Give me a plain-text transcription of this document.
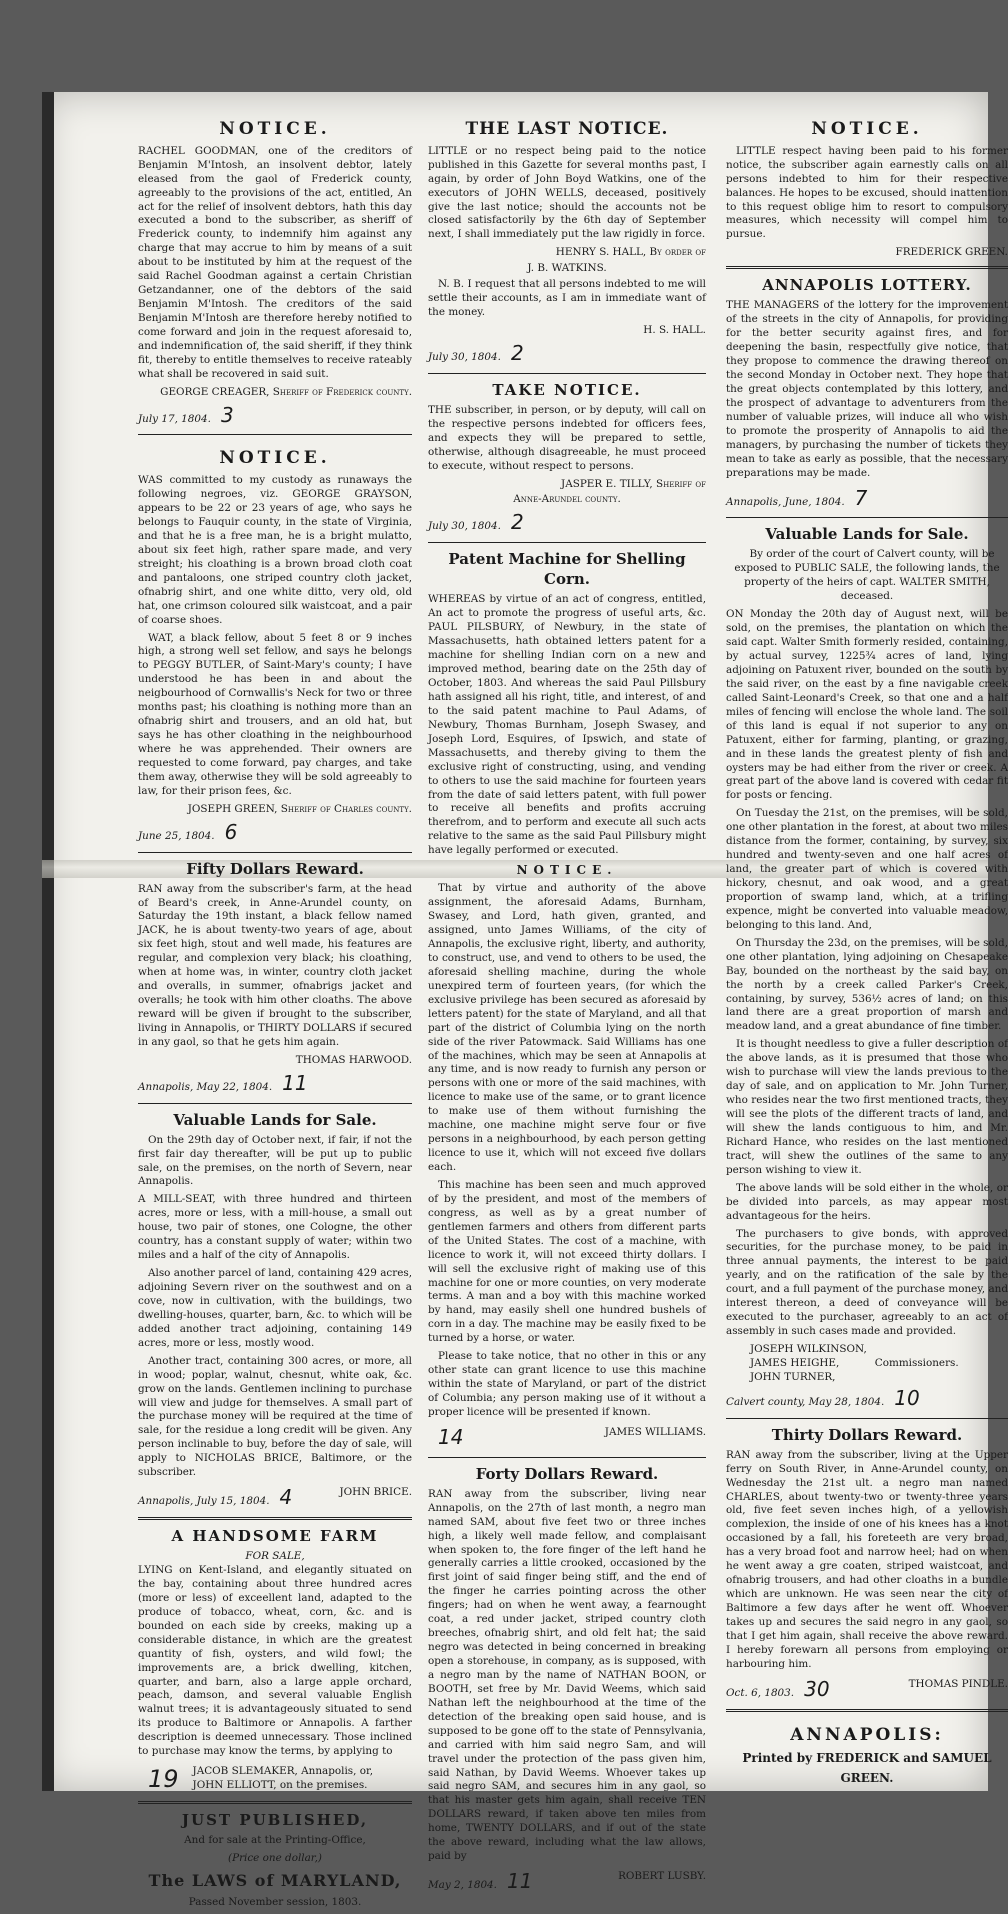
NOTICE.

RACHEL GOODMAN, one of the creditors of Benjamin M'Intosh, an insolvent debtor, lately eleased from the gaol of Frederick county, agreeably to the provisions of the act, entitled, An act for the relief of insolvent debtors, hath this day executed a bond to the subscriber, as sheriff of Frederick county, to indemnify him against any charge that may accrue to him by means of a suit about to be instituted by him at the request of the said Rachel Goodman against a certain Christian Getzandanner, one of the debtors of the said Benjamin M'Intosh. The creditors of the said Benjamin M'Intosh are therefore hereby notified to come forward and join in the request aforesaid to, and indemnification of, the said sheriff, if they think fit, thereby to entitle themselves to receive rateably what shall be recovered in said suit.

GEORGE CREAGER, Sheriff of Frederick county.
July 17, 1804. 3
NOTICE.

WAS committed to my custody as runaways the following negroes, viz. GEORGE GRAYSON, appears to be 22 or 23 years of age, who says he belongs to Fauquir county, in the state of Virginia, and that he is a free man, he is a bright mulatto, about six feet high, rather spare made, and very streight; his cloathing is a brown broad cloth coat and pantaloons, one striped country cloth jacket, ofnabrig shirt, and one white ditto, very old, old hat, one crimson coloured silk waistcoat, and a pair of coarse shoes.

WAT, a black fellow, about 5 feet 8 or 9 inches high, a strong well set fellow, and says he belongs to PEGGY BUTLER, of Saint-Mary's county; I have understood he has been in and about the neigbourhood of Cornwallis's Neck for two or three months past; his cloathing is nothing more than an ofnabrig shirt and trousers, and an old hat, but says he has other cloathing in the neighbourhood where he was apprehended. Their owners are requested to come forward, pay charges, and take them away, otherwise they will be sold agreeably to law, for their prison fees, &c.

JOSEPH GREEN, Sheriff of Charles county.
June 25, 1804. 6
Fifty Dollars Reward.

RAN away from the subscriber's farm, at the head of Beard's creek, in Anne-Arundel county, on Saturday the 19th instant, a black fellow named JACK, he is about twenty-two years of age, about six feet high, stout and well made, his features are regular, and complexion very black; his cloathing, when at home was, in winter, country cloth jacket and overalls, in summer, ofnabrigs jacket and overalls; he took with him other cloaths. The above reward will be given if brought to the subscriber, living in Annapolis, or THIRTY DOLLARS if secured in any gaol, so that he gets him again.

THOMAS HARWOOD.
Annapolis, May 22, 1804. 11
Valuable Lands for Sale.

On the 29th day of October next, if fair, if not the first fair day thereafter, will be put up to public sale, on the premises, on the north of Severn, near Annapolis.

A MILL-SEAT, with three hundred and thirteen acres, more or less, with a mill-house, a small out house, two pair of stones, one Cologne, the other country, has a constant supply of water; within two miles and a half of the city of Annapolis.

Also another parcel of land, containing 429 acres, adjoining Severn river on the southwest and on a cove, now in cultivation, with the buildings, two dwelling-houses, quarter, barn, &c. to which will be added another tract adjoining, containing 149 acres, more or less, mostly wood.

Another tract, containing 300 acres, or more, all in wood; poplar, walnut, chesnut, white oak, &c. grow on the lands. Gentlemen inclining to purchase will view and judge for themselves. A small part of the purchase money will be required at the time of sale, for the residue a long credit will be given. Any person inclinable to buy, before the day of sale, will apply to NICHOLAS BRICE, Baltimore, or the subscriber.

Annapolis, July 15, 1804. 4	JOHN BRICE.
A HANDSOME FARM
FOR SALE,

LYING on Kent-Island, and elegantly situated on the bay, containing about three hundred acres (more or less) of exceellent land, adapted to the produce of tobacco, wheat, corn, &c. and is bounded on each side by creeks, making up a considerable distance, in which are the greatest quantity of fish, oysters, and wild fowl; the improvements are, a brick dwelling, kitchen, quarter, and barn, also a large apple orchard, peach, damson, and several valuable English walnut trees; it is advantageously situated to send its produce to Baltimore or Annapolis. A farther description is deemed unnecessary. Those inclined to purchase may know the terms, by applying to

19 JACOB SLEMAKER, Annapolis, or,
JOHN ELLIOTT, on the premises.
JUST PUBLISHED,
And for sale at the Printing-Office,
(Price one dollar,)
The LAWS of MARYLAND,
Passed November session, 1803.
THE LAST NOTICE.

LITTLE or no respect being paid to the notice published in this Gazette for several months past, I again, by order of John Boyd Watkins, one of the executors of JOHN WELLS, deceased, positively give the last notice; should the accounts not be closed satisfactorily by the 6th day of September next, I shall immediately put the law rigidly in force.

HENRY S. HALL, By order of
J. B. WATKINS.

N. B. I request that all persons indebted to me will settle their accounts, as I am in immediate want of the money.

H. S. HALL.
July 30, 1804. 2
TAKE NOTICE.

THE subscriber, in person, or by deputy, will call on the respective persons indebted for officers fees, and expects they will be prepared to settle, otherwise, although disagreeable, he must proceed to execute, without respect to persons.

JASPER E. TILLY, Sheriff of
Anne-Arundel county.
July 30, 1804. 2
Patent Machine for Shelling Corn.

WHEREAS by virtue of an act of congress, entitled, An act to promote the progress of useful arts, &c. PAUL PILSBURY, of Newbury, in the state of Massachusetts, hath obtained letters patent for a machine for shelling Indian corn on a new and improved method, bearing date on the 25th day of October, 1803. And whereas the said Paul Pillsbury hath assigned all his right, title, and interest, of and to the said patent machine to Paul Adams, of Newbury, Thomas Burnham, Joseph Swasey, and Joseph Lord, Esquires, of Ipswich, and state of Massachusetts, and thereby giving to them the exclusive right of constructing, using, and vending to others to use the said machine for fourteen years from the date of said letters patent, with full power to receive all benefits and profits accruing therefrom, and to perform and execute all such acts relative to the same as the said Paul Pillsbury might have legally performed or executed.

NOTICE.

That by virtue and authority of the above assignment, the aforesaid Adams, Burnham, Swasey, and Lord, hath given, granted, and assigned, unto James Williams, of the city of Annapolis, the exclusive right, liberty, and authority, to construct, use, and vend to others to be used, the aforesaid shelling machine, during the whole unexpired term of fourteen years, (for which the exclusive privilege has been secured as aforesaid by letters patent) for the state of Maryland, and all that part of the district of Columbia lying on the north side of the river Patowmack. Said Williams has one of the machines, which may be seen at Annapolis at any time, and is now ready to furnish any person or persons with one or more of the said machines, with licence to make use of the same, or to grant licence to make use of them without furnishing the machine, one machine might serve four or five persons in a neighbourhood, by each person getting licence to use it, which will not exceed five dollars each.

This machine has been seen and much approved of by the president, and most of the members of congress, as well as by a great number of gentlemen farmers and others from different parts of the United States. The cost of a machine, with licence to work it, will not exceed thirty dollars. I will sell the exclusive right of making use of this machine for one or more counties, on very moderate terms. A man and a boy with this machine worked by hand, may easily shell one hundred bushels of corn in a day. The machine may be easily fixed to be turned by a horse, or water.

Please to take notice, that no other in this or any other state can grant licence to use this machine within the state of Maryland, or part of the district of Columbia; any person making use of it without a proper licence will be presented if known.

14	JAMES WILLIAMS.
Forty Dollars Reward.

RAN away from the subscriber, living near Annapolis, on the 27th of last month, a negro man named SAM, about five feet two or three inches high, a likely well made fellow, and complaisant when spoken to, the fore finger of the left hand he generally carries a little crooked, occasioned by the first joint of said finger being stiff, and the end of the finger he carries pointing across the other fingers; had on when he went away, a fearnought coat, a red under jacket, striped country cloth breeches, ofnabrig shirt, and old felt hat; the said negro was detected in being concerned in breaking open a storehouse, in company, as is supposed, with a negro man by the name of NATHAN BOON, or BOOTH, set free by Mr. David Weems, which said Nathan left the neighbourhood at the time of the detection of the breaking open said house, and is supposed to be gone off to the state of Pennsylvania, and carried with him said negro Sam, and will travel under the protection of the pass given him, said Nathan, by David Weems. Whoever takes up said negro SAM, and secures him in any gaol, so that his master gets him again, shall receive TEN DOLLARS reward, if taken above ten miles from home, TWENTY DOLLARS, and if out of the state the above reward, including what the law allows, paid by

May 2, 1804. 11	ROBERT LUSBY.
NOTICE.

LITTLE respect having been paid to his former notice, the subscriber again earnestly calls on all persons indebted to him for their respective balances. He hopes to be excused, should inattention to this request oblige him to resort to compulsory measures, which necessity will compel him to pursue.

FREDERICK GREEN.
ANNAPOLIS LOTTERY.

THE MANAGERS of the lottery for the improvement of the streets in the city of Annapolis, for providing for the better security against fires, and for deepening the basin, respectfully give notice, that they propose to commence the drawing thereof on the second Monday in October next. They hope that the great objects contemplated by this lottery, and the prospect of advantage to adventurers from the number of valuable prizes, will induce all who wish to promote the prosperity of Annapolis to aid the managers, by purchasing the number of tickets they mean to take as early as possible, that the necessary preparations may be made.

Annapolis, June, 1804. 7
Valuable Lands for Sale.

By order of the court of Calvert county, will be exposed to PUBLIC SALE, the following lands, the property of the heirs of capt. WALTER SMITH, deceased.

ON Monday the 20th day of August next, will be sold, on the premises, the plantation on which the said capt. Walter Smith formerly resided, containing, by actual survey, 1225¾ acres of land, lying adjoining on Patuxent river, bounded on the south by the said river, on the east by a fine navigable creek called Saint-Leonard's Creek, so that one and a half miles of fencing will enclose the whole land. The soil of this land is equal if not superior to any on Patuxent, either for farming, planting, or grazing, and in these lands the greatest plenty of fish and oysters may be had either from the river or creek. A great part of the above land is covered with cedar fit for posts or fencing.

On Tuesday the 21st, on the premises, will be sold, one other plantation in the forest, at about two miles distance from the former, containing, by survey, six hundred and twenty-seven and one half acres of land, the greater part of which is covered with hickory, chesnut, and oak wood, and a great proportion of swamp land, which, at a trifling expence, might be converted into valuable meadow, belonging to this land. And,

On Thursday the 23d, on the premises, will be sold, one other plantation, lying adjoining on Chesapeake Bay, bounded on the northeast by the said bay, on the north by a creek called Parker's Creek, containing, by survey, 536½ acres of land; on this land there are a great proportion of marsh and meadow land, and a great abundance of fine timber.

It is thought needless to give a fuller description of the above lands, as it is presumed that those who wish to purchase will view the lands previous to the day of sale, and on application to Mr. John Turner, who resides near the two first mentioned tracts, they will see the plots of the different tracts of land, and will shew the lands contiguous to him, and Mr. Richard Hance, who resides on the last mentioned tract, will shew the outlines of the same to any person wishing to view it.

The above lands will be sold either in the whole, or be divided into parcels, as may appear most advantageous for the heirs.

The purchasers to give bonds, with approved securities, for the purchase money, to be paid in three annual payments, the interest to be paid yearly, and on the ratification of the sale by the court, and a full payment of the purchase money, and interest thereon, a deed of conveyance will be executed to the purchaser, agreeably to an act of assembly in such cases made and provided.

JOSEPH WILKINSON,
JAMES HEIGHE,
JOHN TURNER,
Commissioners.
Calvert county, May 28, 1804. 10
Thirty Dollars Reward.

RAN away from the subscriber, living at the Upper ferry on South River, in Anne-Arundel county, on Wednesday the 21st ult. a negro man named CHARLES, about twenty-two or twenty-three years old, five feet seven inches high, of a yellowish complexion, the inside of one of his knees has a knot occasioned by a fall, his foreteeth are very broad, has a very broad foot and narrow heel; had on when he went away a gre coaten, striped waistcoat, and ofnabrig trousers, and had other cloaths in a bundle which are unknown. He was seen near the city of Baltimore a few days after he went off. Whoever takes up and secures the said negro in any gaol, so that I get him again, shall receive the above reward. I hereby forewarn all persons from employing or harbouring him.

Oct. 6, 1803. 30	THOMAS PINDLE.
ANNAPOLIS:
Printed by FREDERICK and SAMUEL
GREEN.
